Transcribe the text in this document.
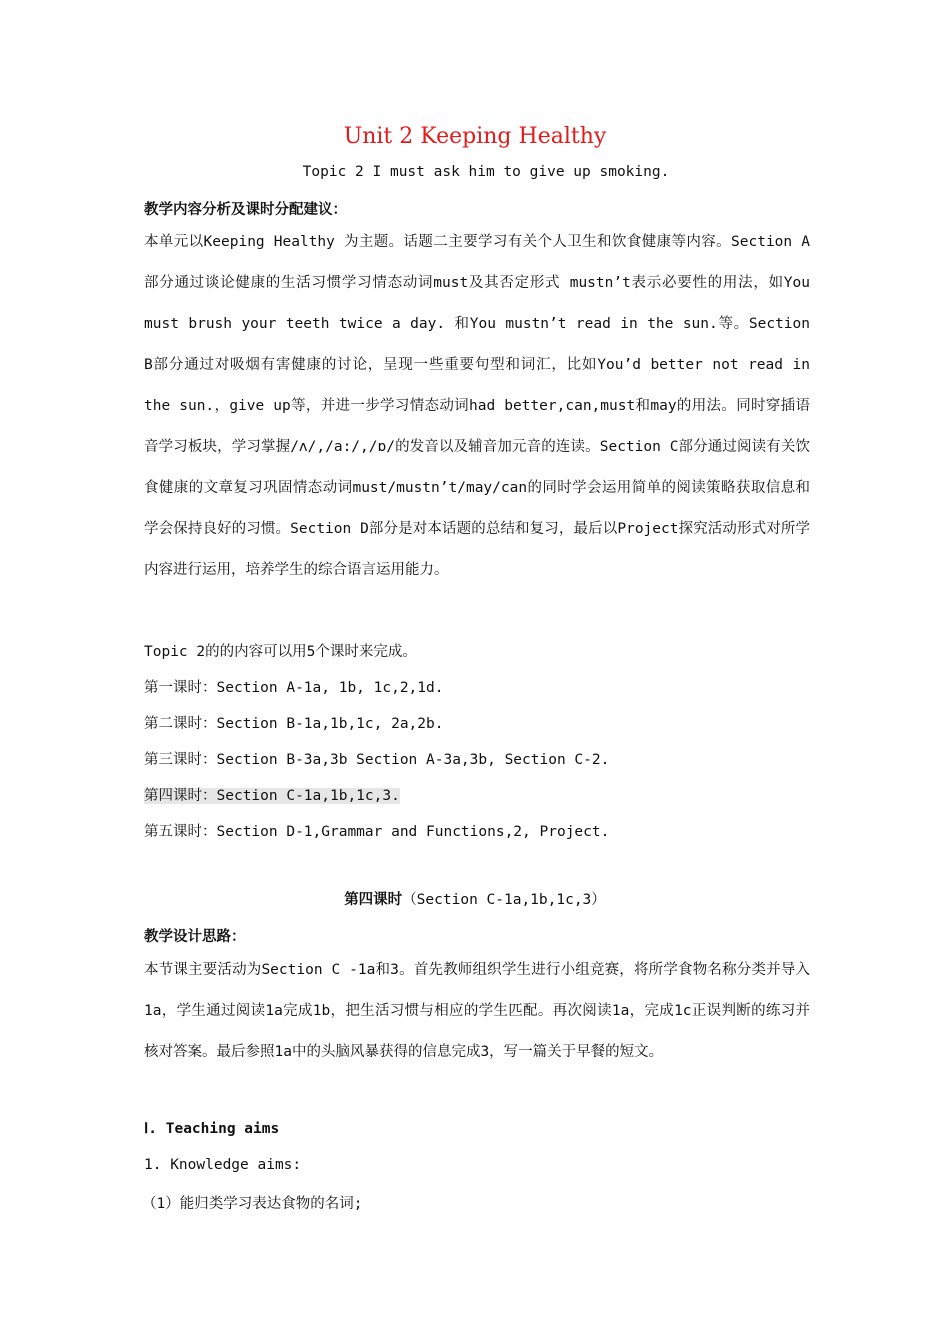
Unit 2 Keeping Healthy
Topic 2 I must ask him to give up smoking.
教学内容分析及课时分配建议：
本单元以Keeping Healthy 为主题。话题二主要学习有关个人卫生和饮食健康等内容。Section A部分通过谈论健康的生活习惯学习情态动词must及其否定形式 mustn’t表示必要性的用法，如You must brush your teeth twice a day. 和You mustn’t read in the sun.等。Section B部分通过对吸烟有害健康的讨论，呈现一些重要句型和词汇，比如You’d better not read in the sun.，give up等，并进一步学习情态动词had better,can,must和may的用法。同时穿插语音学习板块，学习掌握/ʌ/,/a:/,/ɒ/的发音以及辅音加元音的连读。Section C部分通过阅读有关饮食健康的文章复习巩固情态动词must/mustn’t/may/can的同时学会运用简单的阅读策略获取信息和学会保持良好的习惯。Section D部分是对本话题的总结和复习，最后以Project探究活动形式对所学内容进行运用，培养学生的综合语言运用能力。
Topic 2的的内容可以用5个课时来完成。
第一课时：Section A-1a, 1b, 1c,2,1d.
第二课时：Section B-1a,1b,1c, 2a,2b.
第三课时：Section B-3a,3b Section A-3a,3b, Section C-2.
第四课时：Section C-1a,1b,1c,3.
第五课时：Section D-1,Grammar and Functions,2, Project.
第四课时（Section C-1a,1b,1c,3）
教学设计思路：
本节课主要活动为Section C -1a和3。首先教师组织学生进行小组竞赛，将所学食物名称分类并导入1a，学生通过阅读1a完成1b，把生活习惯与相应的学生匹配。再次阅读1a，完成1c正误判断的练习并核对答案。最后参照1a中的头脑风暴获得的信息完成3，写一篇关于早餐的短文。
Ⅰ. Teaching aims
1. Knowledge aims:
（1）能归类学习表达食物的名词;
